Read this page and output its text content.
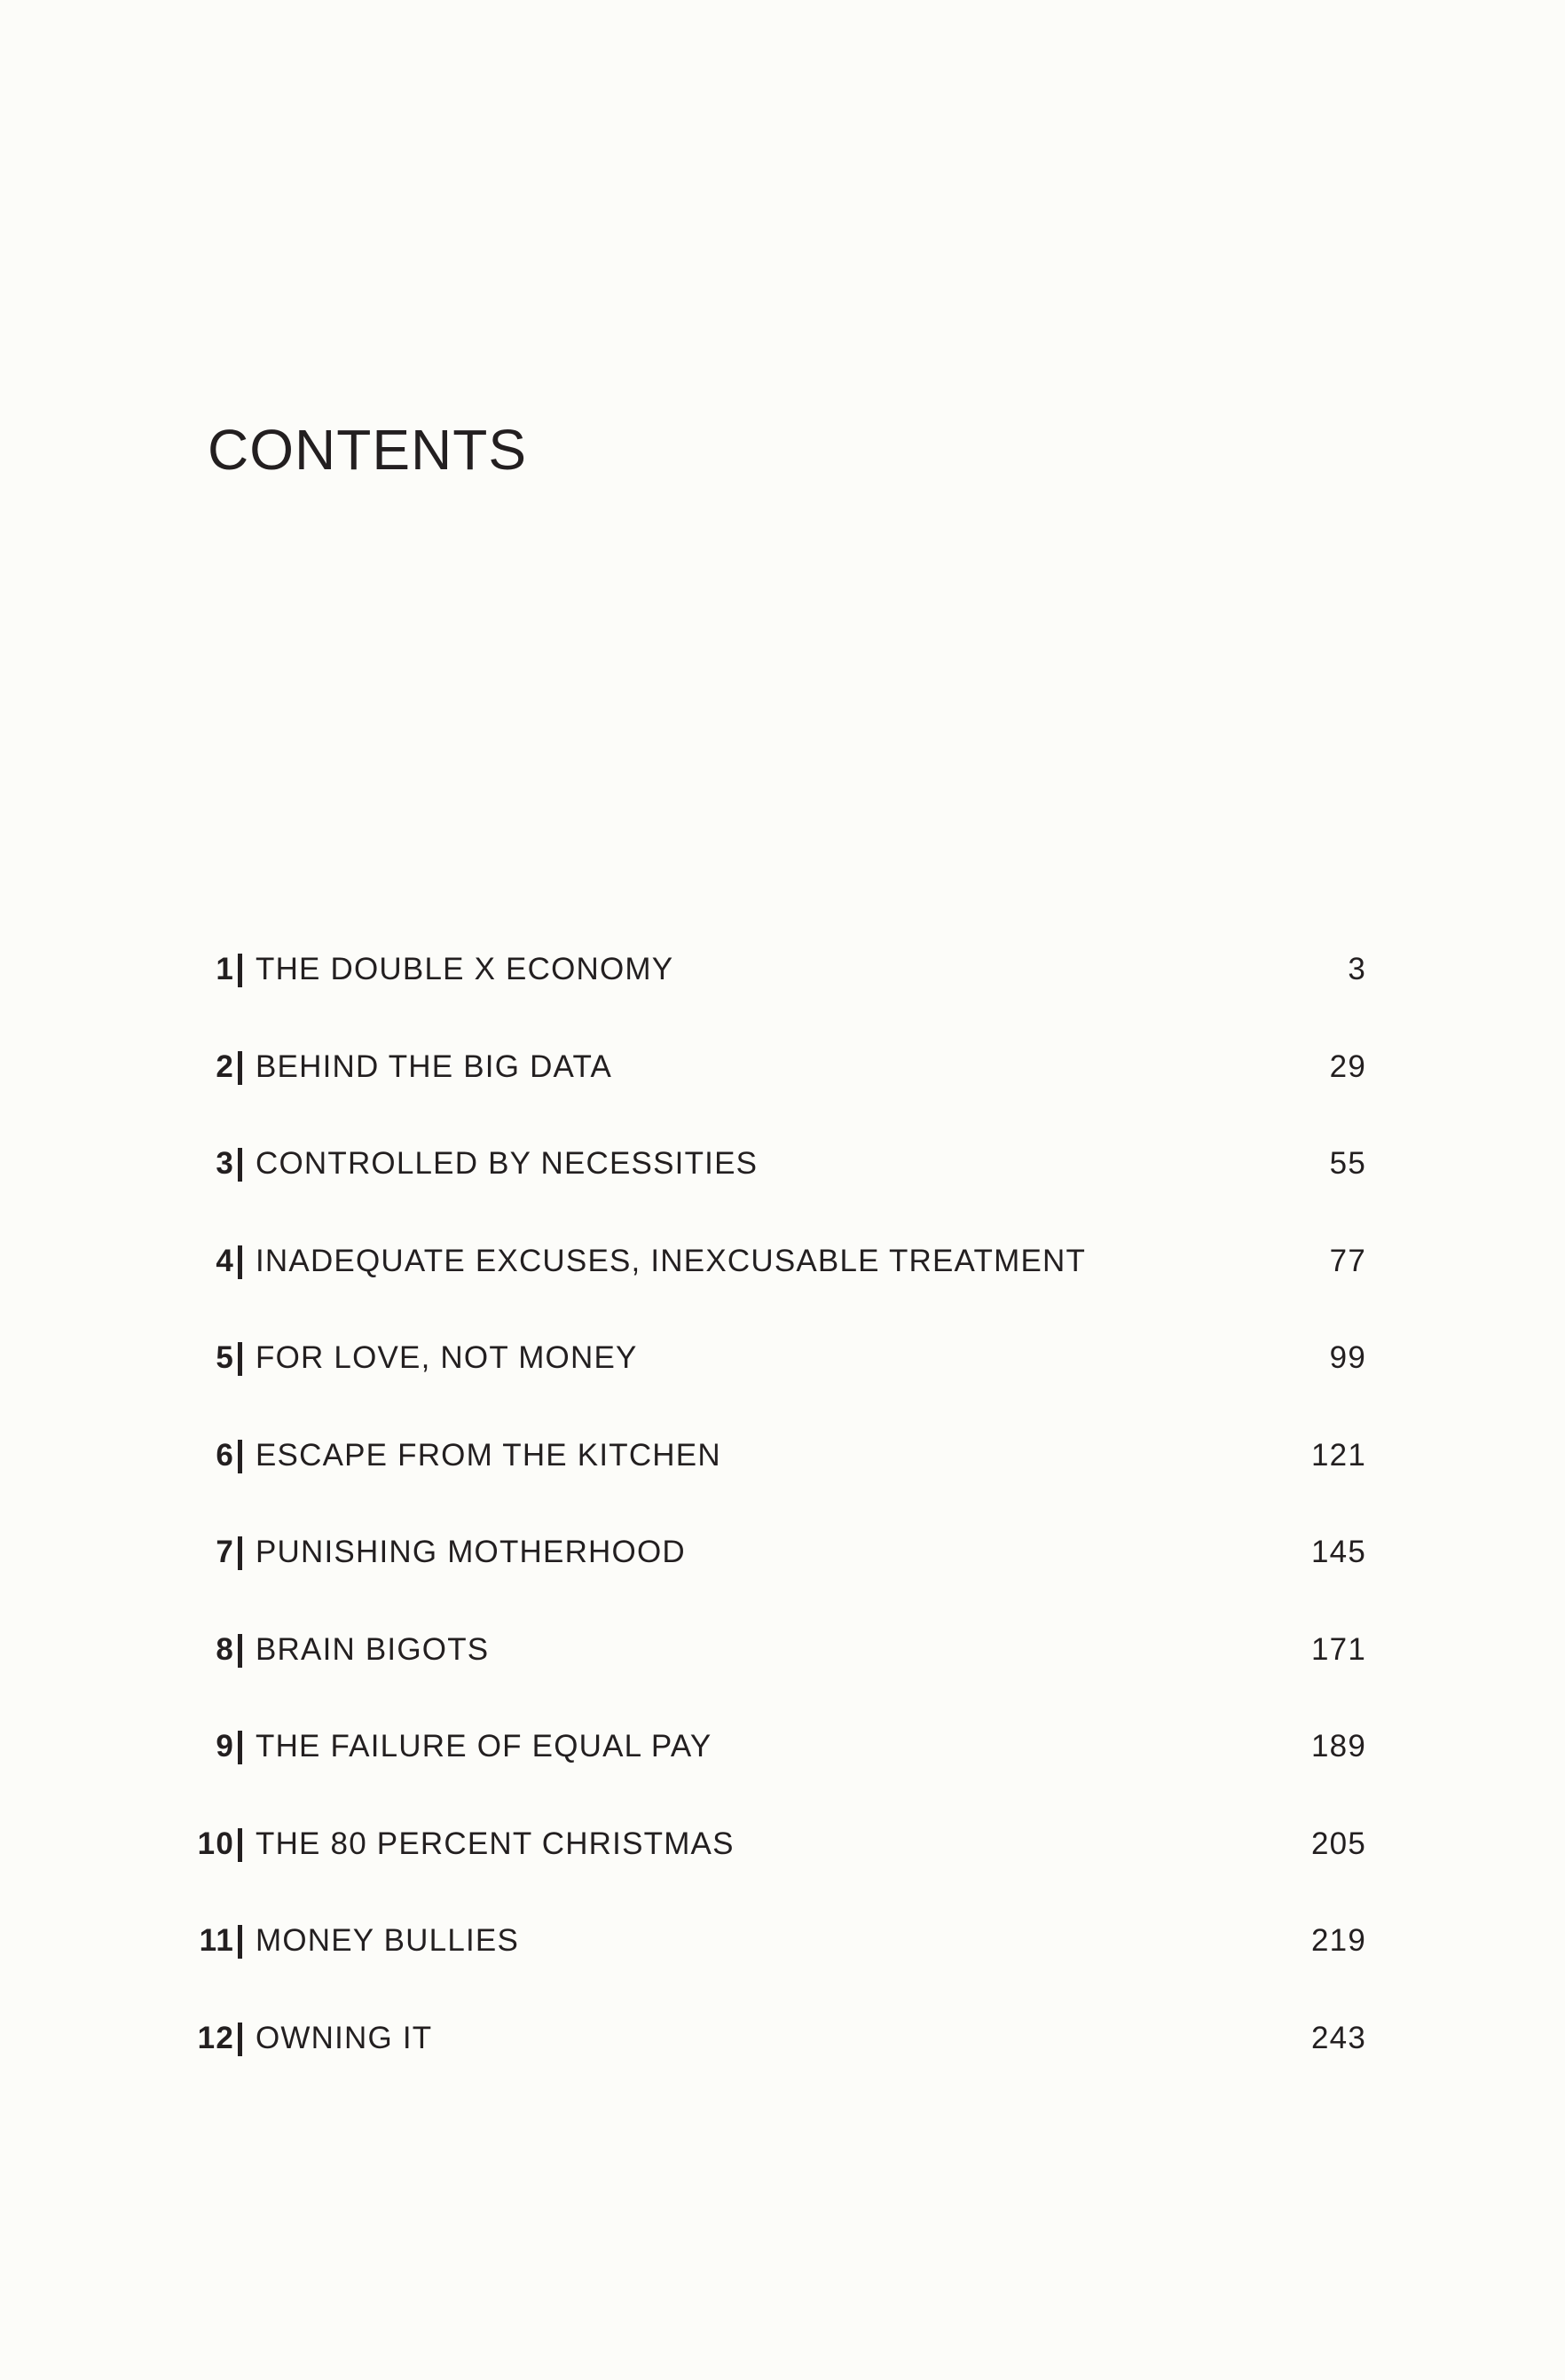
CONTENTS
1 THE DOUBLE X ECONOMY	3
2 BEHIND THE BIG DATA	29
3 CONTROLLED BY NECESSITIES	55
4 INADEQUATE EXCUSES, INEXCUSABLE TREATMENT	77
5 FOR LOVE, NOT MONEY	99
6 ESCAPE FROM THE KITCHEN	121
7 PUNISHING MOTHERHOOD	145
8 BRAIN BIGOTS	171
9 THE FAILURE OF EQUAL PAY	189
10 THE 80 PERCENT CHRISTMAS	205
11 MONEY BULLIES	219
12 OWNING IT	243
